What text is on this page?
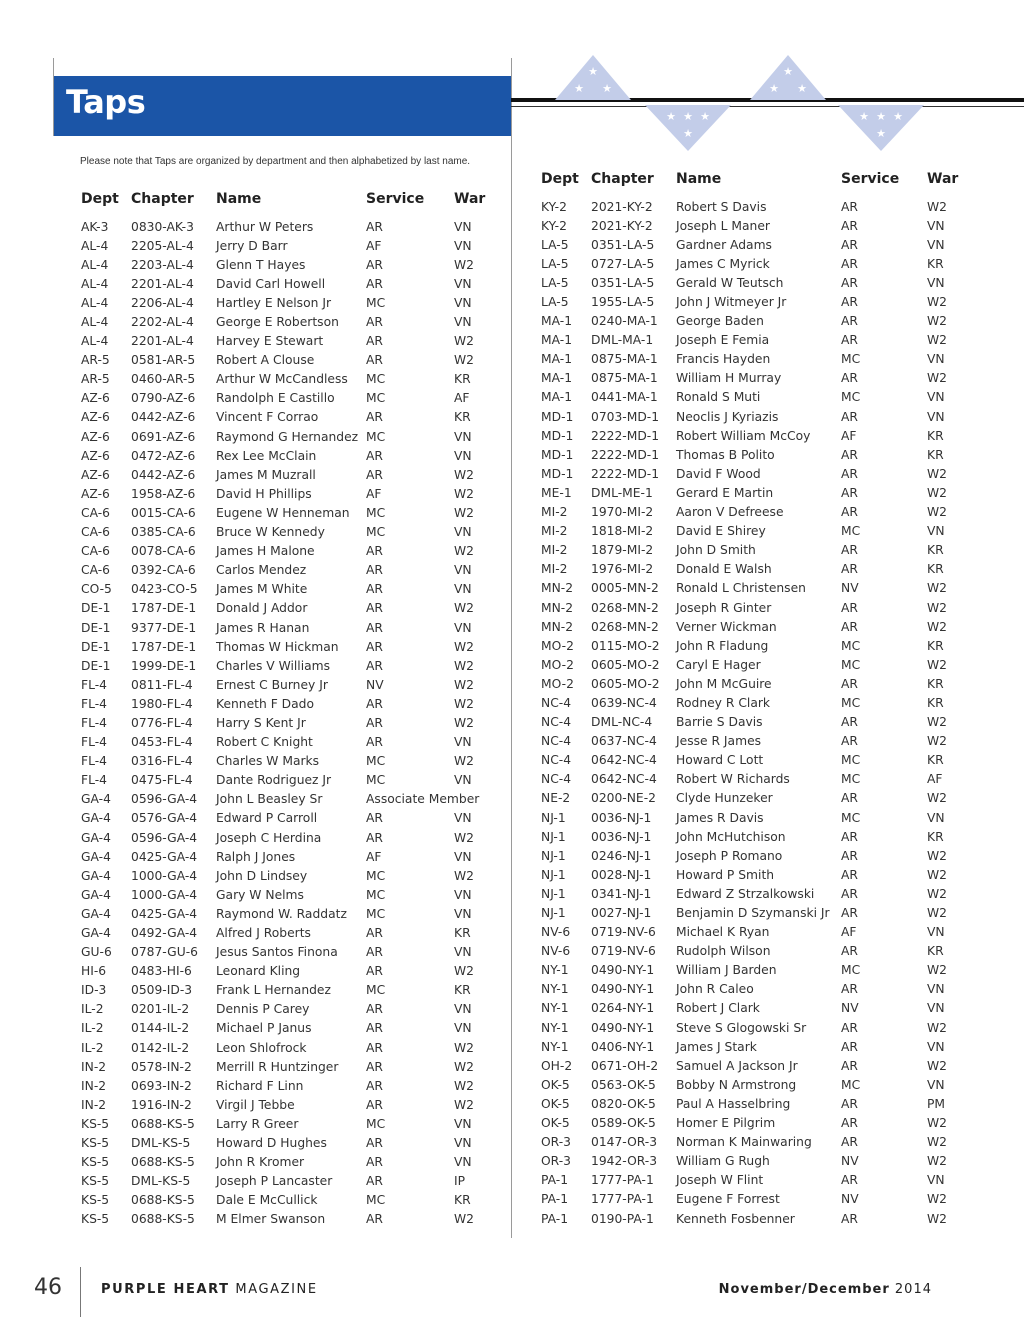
Taps
★
★ ★
★ ★ ★
★
★
★ ★
★ ★ ★
★
Please note that Taps are organized by department and then alphabetized by last name.
Dept	Chapter	Name	Service	War
AK-3	0830-AK-3	Arthur W Peters	AR	VN
AL-4	2205-AL-4	Jerry D Barr	AF	VN
AL-4	2203-AL-4	Glenn T Hayes	AR	W2
AL-4	2201-AL-4	David Carl Howell	AR	VN
AL-4	2206-AL-4	Hartley E Nelson Jr	MC	VN
AL-4	2202-AL-4	George E Robertson	AR	VN
AL-4	2201-AL-4	Harvey E Stewart	AR	W2
AR-5	0581-AR-5	Robert A Clouse	AR	W2
AR-5	0460-AR-5	Arthur W McCandless	MC	KR
AZ-6	0790-AZ-6	Randolph E Castillo	MC	AF
AZ-6	0442-AZ-6	Vincent F Corrao	AR	KR
AZ-6	0691-AZ-6	Raymond G Hernandez	MC	VN
AZ-6	0472-AZ-6	Rex Lee McClain	AR	VN
AZ-6	0442-AZ-6	James M Muzrall	AR	W2
AZ-6	1958-AZ-6	David H Phillips	AF	W2
CA-6	0015-CA-6	Eugene W Henneman	MC	W2
CA-6	0385-CA-6	Bruce W Kennedy	MC	VN
CA-6	0078-CA-6	James H Malone	AR	W2
CA-6	0392-CA-6	Carlos Mendez	AR	VN
CO-5	0423-CO-5	James M White	AR	VN
DE-1	1787-DE-1	Donald J Addor	AR	W2
DE-1	9377-DE-1	James R Hanan	AR	VN
DE-1	1787-DE-1	Thomas W Hickman	AR	W2
DE-1	1999-DE-1	Charles V Williams	AR	W2
FL-4	0811-FL-4	Ernest C Burney Jr	NV	W2
FL-4	1980-FL-4	Kenneth F Dado	AR	W2
FL-4	0776-FL-4	Harry S Kent Jr	AR	W2
FL-4	0453-FL-4	Robert C Knight	AR	VN
FL-4	0316-FL-4	Charles W Marks	MC	W2
FL-4	0475-FL-4	Dante Rodriguez Jr	MC	VN
GA-4	0596-GA-4	John L Beasley Sr	Associate Member	
GA-4	0576-GA-4	Edward P Carroll	AR	VN
GA-4	0596-GA-4	Joseph C Herdina	AR	W2
GA-4	0425-GA-4	Ralph J Jones	AF	VN
GA-4	1000-GA-4	John D Lindsey	MC	W2
GA-4	1000-GA-4	Gary W Nelms	MC	VN
GA-4	0425-GA-4	Raymond W. Raddatz	MC	VN
GA-4	0492-GA-4	Alfred J Roberts	AR	KR
GU-6	0787-GU-6	Jesus Santos Finona	AR	VN
HI-6	0483-HI-6	Leonard Kling	AR	W2
ID-3	0509-ID-3	Frank L Hernandez	MC	KR
IL-2	0201-IL-2	Dennis P Carey	AR	VN
IL-2	0144-IL-2	Michael P Janus	AR	VN
IL-2	0142-IL-2	Leon Shlofrock	AR	W2
IN-2	0578-IN-2	Merrill R Huntzinger	AR	W2
IN-2	0693-IN-2	Richard F Linn	AR	W2
IN-2	1916-IN-2	Virgil J Tebbe	AR	W2
KS-5	0688-KS-5	Larry R Greer	MC	VN
KS-5	DML-KS-5	Howard D Hughes	AR	VN
KS-5	0688-KS-5	John R Kromer	AR	VN
KS-5	DML-KS-5	Joseph P Lancaster	AR	IP
KS-5	0688-KS-5	Dale E McCullick	MC	KR
KS-5	0688-KS-5	M Elmer Swanson	AR	W2
Dept	Chapter	Name	Service	War
KY-2	2021-KY-2	Robert S Davis	AR	W2
KY-2	2021-KY-2	Joseph L Maner	AR	VN
LA-5	0351-LA-5	Gardner Adams	AR	VN
LA-5	0727-LA-5	James C Myrick	AR	KR
LA-5	0351-LA-5	Gerald W Teutsch	AR	VN
LA-5	1955-LA-5	John J Witmeyer Jr	AR	W2
MA-1	0240-MA-1	George Baden	AR	W2
MA-1	DML-MA-1	Joseph E Femia	AR	W2
MA-1	0875-MA-1	Francis Hayden	MC	VN
MA-1	0875-MA-1	William H Murray	AR	W2
MA-1	0441-MA-1	Ronald S Muti	MC	VN
MD-1	0703-MD-1	Neoclis J Kyriazis	AR	VN
MD-1	2222-MD-1	Robert William McCoy	AF	KR
MD-1	2222-MD-1	Thomas B Polito	AR	KR
MD-1	2222-MD-1	David F Wood	AR	W2
ME-1	DML-ME-1	Gerard E Martin	AR	W2
MI-2	1970-MI-2	Aaron V Defreese	AR	W2
MI-2	1818-MI-2	David E Shirey	MC	VN
MI-2	1879-MI-2	John D Smith	AR	KR
MI-2	1976-MI-2	Donald E Walsh	AR	KR
MN-2	0005-MN-2	Ronald L Christensen	NV	W2
MN-2	0268-MN-2	Joseph R Ginter	AR	W2
MN-2	0268-MN-2	Verner Wickman	AR	W2
MO-2	0115-MO-2	John R Fladung	MC	KR
MO-2	0605-MO-2	Caryl E Hager	MC	W2
MO-2	0605-MO-2	John M McGuire	AR	KR
NC-4	0639-NC-4	Rodney R Clark	MC	KR
NC-4	DML-NC-4	Barrie S Davis	AR	W2
NC-4	0637-NC-4	Jesse R James	AR	W2
NC-4	0642-NC-4	Howard C Lott	MC	KR
NC-4	0642-NC-4	Robert W Richards	MC	AF
NE-2	0200-NE-2	Clyde Hunzeker	AR	W2
NJ-1	0036-NJ-1	James R Davis	MC	VN
NJ-1	0036-NJ-1	John McHutchison	AR	KR
NJ-1	0246-NJ-1	Joseph P Romano	AR	W2
NJ-1	0028-NJ-1	Howard P Smith	AR	W2
NJ-1	0341-NJ-1	Edward Z Strzalkowski	AR	W2
NJ-1	0027-NJ-1	Benjamin D Szymanski Jr	AR	W2
NV-6	0719-NV-6	Michael K Ryan	AF	VN
NV-6	0719-NV-6	Rudolph Wilson	AR	KR
NY-1	0490-NY-1	William J Barden	MC	W2
NY-1	0490-NY-1	John R Caleo	AR	VN
NY-1	0264-NY-1	Robert J Clark	NV	VN
NY-1	0490-NY-1	Steve S Glogowski Sr	AR	W2
NY-1	0406-NY-1	James J Stark	AR	VN
OH-2	0671-OH-2	Samuel A Jackson Jr	AR	W2
OK-5	0563-OK-5	Bobby N Armstrong	MC	VN
OK-5	0820-OK-5	Paul A Hasselbring	AR	PM
OK-5	0589-OK-5	Homer E Pilgrim	AR	W2
OR-3	0147-OR-3	Norman K Mainwaring	AR	W2
OR-3	1942-OR-3	William G Rugh	NV	W2
PA-1	1777-PA-1	Joseph W Flint	AR	VN
PA-1	1777-PA-1	Eugene F Forrest	NV	W2
PA-1	0190-PA-1	Kenneth Fosbenner	AR	W2
46	PURPLE HEART MAGAZINE	November/December 2014
